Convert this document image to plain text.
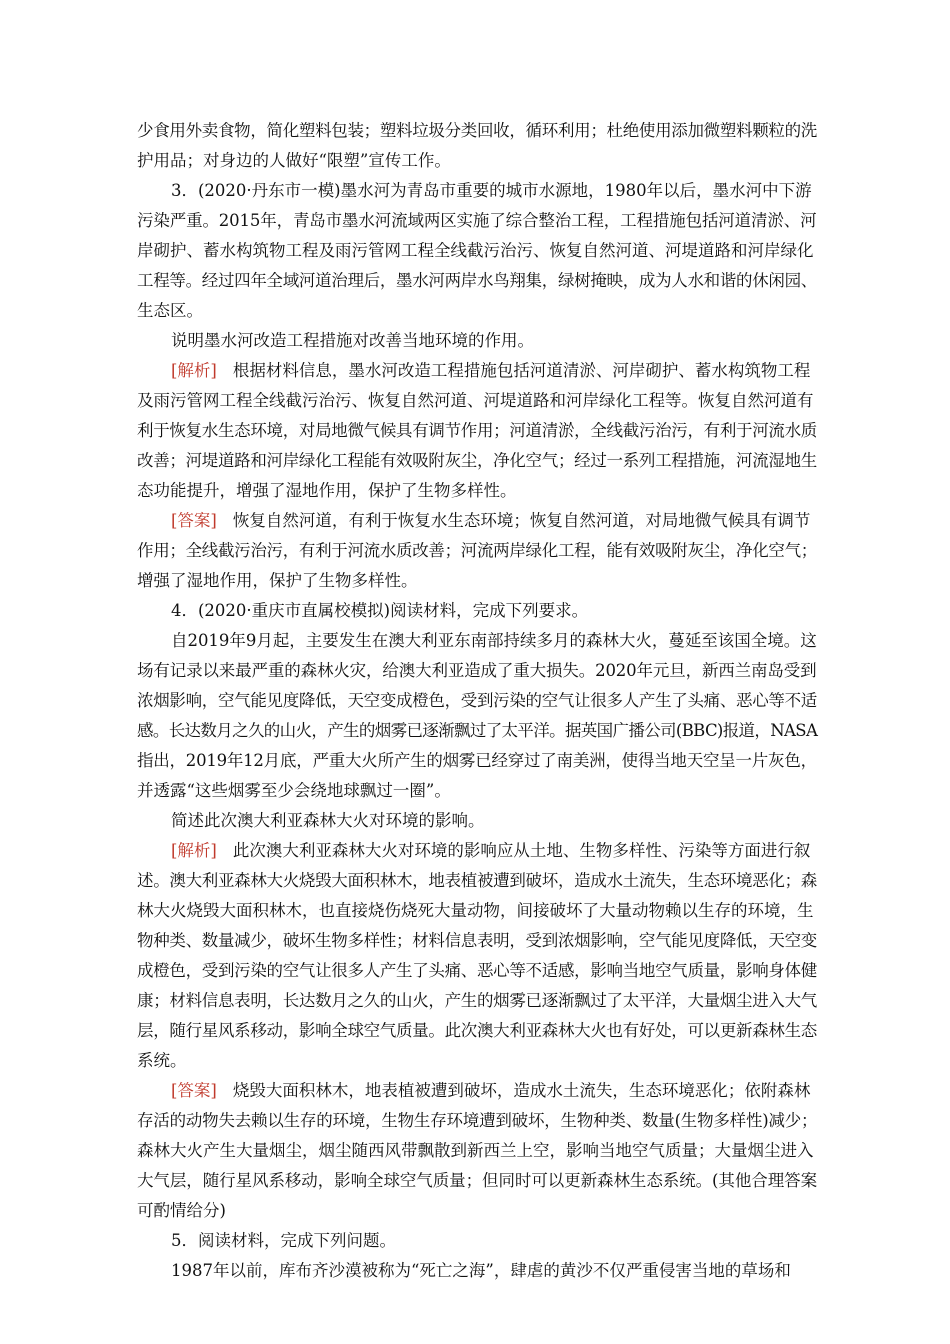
少食用外卖食物，简化塑料包装；塑料垃圾分类回收，循环利用；杜绝使用添加微塑料颗粒的洗
护用品；对身边的人做好“限塑”宣传工作。
3．(2020·丹东市一模)墨水河为青岛市重要的城市水源地，1980年以后，墨水河中下游
污染严重。2015年，青岛市墨水河流域两区实施了综合整治工程，工程措施包括河道清淤、河
岸砌护、蓄水构筑物工程及雨污管网工程全线截污治污、恢复自然河道、河堤道路和河岸绿化
工程等。经过四年全域河道治理后，墨水河两岸水鸟翔集，绿树掩映，成为人水和谐的休闲园、
生态区。
说明墨水河改造工程措施对改善当地环境的作用。
[解析] 根据材料信息，墨水河改造工程措施包括河道清淤、河岸砌护、蓄水构筑物工程
及雨污管网工程全线截污治污、恢复自然河道、河堤道路和河岸绿化工程等。恢复自然河道有
利于恢复水生态环境，对局地微气候具有调节作用；河道清淤，全线截污治污，有利于河流水质
改善；河堤道路和河岸绿化工程能有效吸附灰尘，净化空气；经过一系列工程措施，河流湿地生
态功能提升，增强了湿地作用，保护了生物多样性。
[答案] 恢复自然河道，有利于恢复水生态环境；恢复自然河道，对局地微气候具有调节
作用；全线截污治污，有利于河流水质改善；河流两岸绿化工程，能有效吸附灰尘，净化空气；
增强了湿地作用，保护了生物多样性。
4．(2020·重庆市直属校模拟)阅读材料，完成下列要求。
自2019年9月起，主要发生在澳大利亚东南部持续多月的森林大火，蔓延至该国全境。这
场有记录以来最严重的森林火灾，给澳大利亚造成了重大损失。2020年元旦，新西兰南岛受到
浓烟影响，空气能见度降低，天空变成橙色，受到污染的空气让很多人产生了头痛、恶心等不适
感。长达数月之久的山火，产生的烟雾已逐渐飘过了太平洋。据英国广播公司(BBC)报道，NASA
指出，2019年12月底，严重大火所产生的烟雾已经穿过了南美洲，使得当地天空呈一片灰色，
并透露“这些烟雾至少会绕地球飘过一圈”。
简述此次澳大利亚森林大火对环境的影响。
[解析] 此次澳大利亚森林大火对环境的影响应从土地、生物多样性、污染等方面进行叙
述。澳大利亚森林大火烧毁大面积林木，地表植被遭到破坏，造成水土流失，生态环境恶化；森
林大火烧毁大面积林木，也直接烧伤烧死大量动物，间接破坏了大量动物赖以生存的环境，生
物种类、数量减少，破坏生物多样性；材料信息表明，受到浓烟影响，空气能见度降低，天空变
成橙色，受到污染的空气让很多人产生了头痛、恶心等不适感，影响当地空气质量，影响身体健
康；材料信息表明，长达数月之久的山火，产生的烟雾已逐渐飘过了太平洋，大量烟尘进入大气
层，随行星风系移动，影响全球空气质量。此次澳大利亚森林大火也有好处，可以更新森林生态
系统。
[答案] 烧毁大面积林木，地表植被遭到破坏，造成水土流失，生态环境恶化；依附森林
存活的动物失去赖以生存的环境，生物生存环境遭到破坏，生物种类、数量(生物多样性)减少；
森林大火产生大量烟尘，烟尘随西风带飘散到新西兰上空，影响当地空气质量；大量烟尘进入
大气层，随行星风系移动，影响全球空气质量；但同时可以更新森林生态系统。(其他合理答案
可酌情给分)
5．阅读材料，完成下列问题。
1987年以前，库布齐沙漠被称为“死亡之海”，肆虐的黄沙不仅严重侵害当地的草场和
